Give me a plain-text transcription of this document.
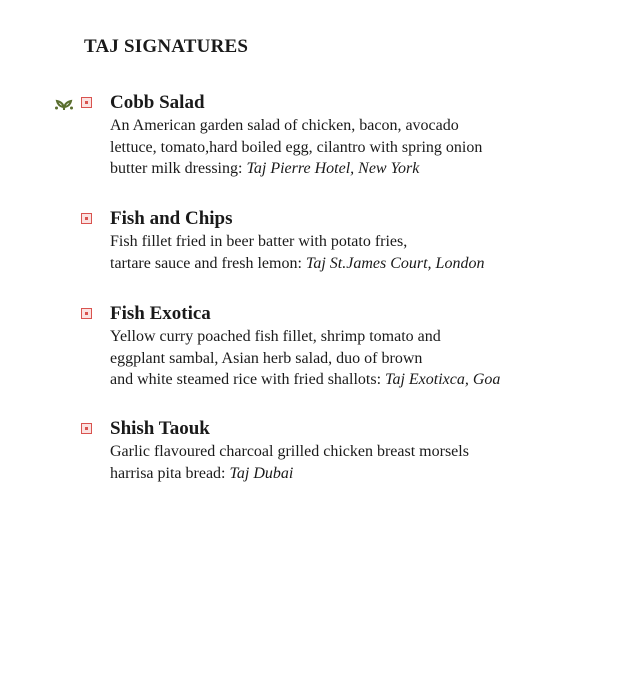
TAJ SIGNATURES
Cobb Salad

An American garden salad of chicken, bacon, avocado
lettuce, tomato,hard boiled egg, cilantro with spring onion
butter milk dressing: Taj Pierre Hotel, New York

Fish and Chips

Fish fillet fried in beer batter with potato fries,
tartare sauce and fresh lemon: Taj St.James Court, London

Fish Exotica

Yellow curry poached fish fillet, shrimp tomato and
eggplant sambal, Asian herb salad, duo of brown
and white steamed rice with fried shallots: Taj Exotixca, Goa

Shish Taouk

Garlic flavoured charcoal grilled chicken breast morsels
harrisa pita bread: Taj Dubai
